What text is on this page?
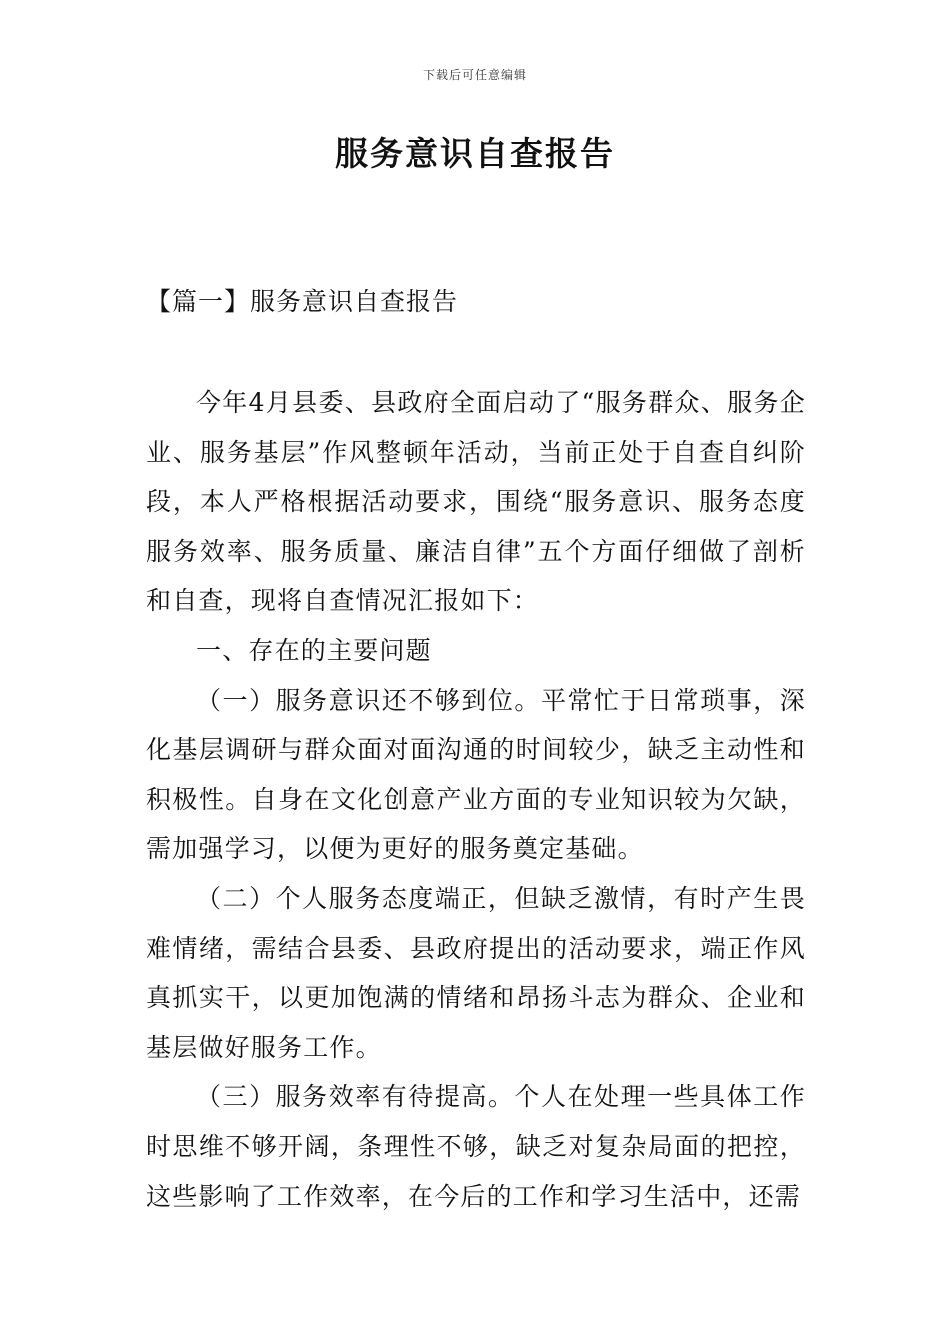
下载后可任意编辑
服务意识自查报告
【篇一】服务意识自查报告

今年4月县委、县政府全面启动了“服务群众、服务企业、服务基层”作风整顿年活动，当前正处于自查自纠阶段，本人严格根据活动要求，围绕“服务意识、服务态度服务效率、服务质量、廉洁自律”五个方面仔细做了剖析和自查，现将自查情况汇报如下：

一、存在的主要问题

（一）服务意识还不够到位。平常忙于日常琐事，深化基层调研与群众面对面沟通的时间较少，缺乏主动性和积极性。自身在文化创意产业方面的专业知识较为欠缺，需加强学习，以便为更好的服务奠定基础。

（二）个人服务态度端正，但缺乏激情，有时产生畏难情绪，需结合县委、县政府提出的活动要求，端正作风真抓实干，以更加饱满的情绪和昂扬斗志为群众、企业和基层做好服务工作。

（三）服务效率有待提高。个人在处理一些具体工作时思维不够开阔，条理性不够，缺乏对复杂局面的把控，这些影响了工作效率，在今后的工作和学习生活中，还需
